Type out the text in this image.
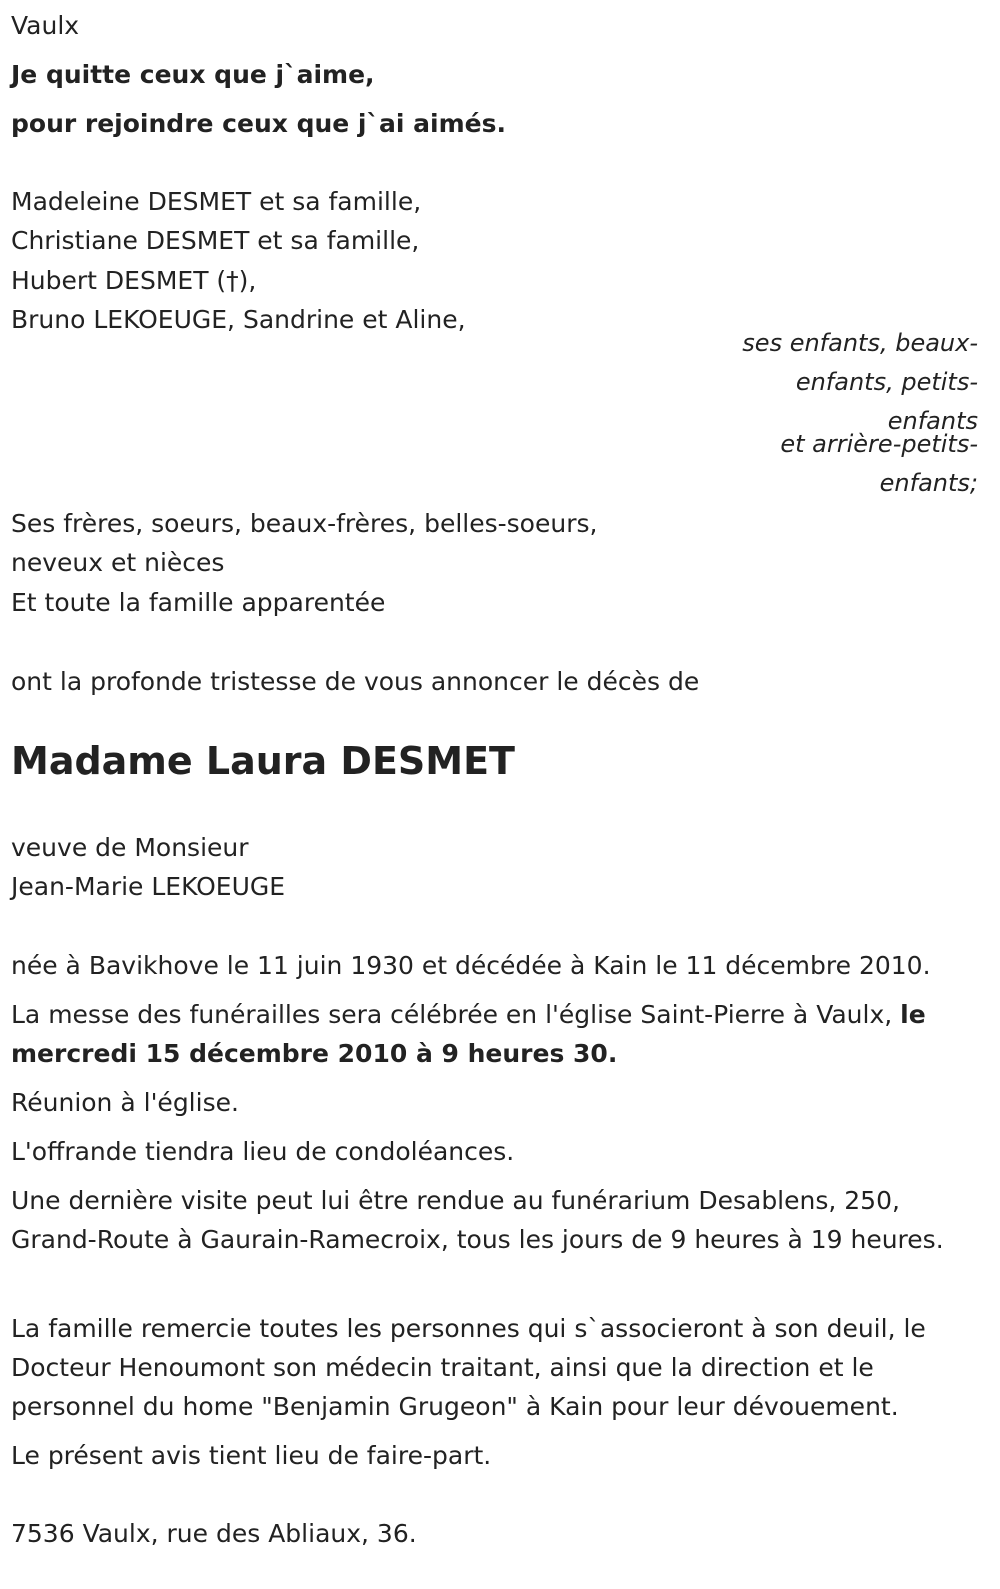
Vaulx
Je quitte ceux que j`aime,
pour rejoindre ceux que j`ai aimés.
Madeleine DESMET et sa famille,
Christiane DESMET et sa famille,
Hubert DESMET (†),
Bruno LEKOEUGE, Sandrine et Aline,
ses enfants, beaux-
enfants, petits-
enfants
et arrière-petits-
enfants;
Ses frères, soeurs, beaux-frères, belles-soeurs,
neveux et nièces
Et toute la famille apparentée
ont la profonde tristesse de vous annoncer le décès de
Madame Laura DESMET
veuve de Monsieur
Jean-Marie LEKOEUGE
née à Bavikhove le 11 juin 1930 et décédée à Kain le 11 décembre 2010.
La messe des funérailles sera célébrée en l'église Saint-Pierre à Vaulx, le mercredi 15 décembre 2010 à 9 heures 30.
Réunion à l'église.
L'offrande tiendra lieu de condoléances.
Une dernière visite peut lui être rendue au funérarium Desablens, 250, Grand-Route à Gaurain-Ramecroix, tous les jours de 9 heures à 19 heures.
La famille remercie toutes les personnes qui s`associeront à son deuil, le Docteur Henoumont son médecin traitant, ainsi que la direction et le personnel du home "Benjamin Grugeon" à Kain pour leur dévouement.
Le présent avis tient lieu de faire-part.
7536 Vaulx, rue des Abliaux, 36.
